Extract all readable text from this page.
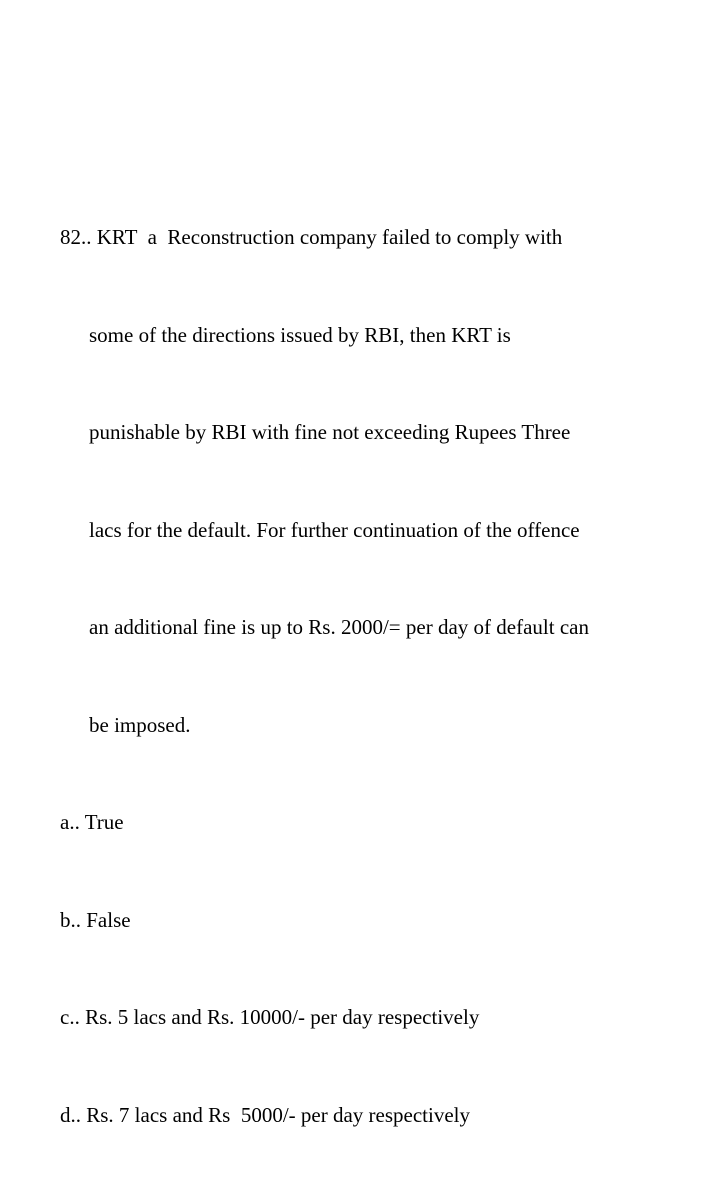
82.. KRT  a  Reconstruction company failed to comply with

some of the directions issued by RBI, then KRT is

punishable by RBI with fine not exceeding Rupees Three

lacs for the default. For further continuation of the offence

an additional fine is up to Rs. 2000/= per day of default can

be imposed.

a.. True

b.. False

c.. Rs. 5 lacs and Rs. 10000/- per day respectively

d.. Rs. 7 lacs and Rs  5000/- per day respectively
